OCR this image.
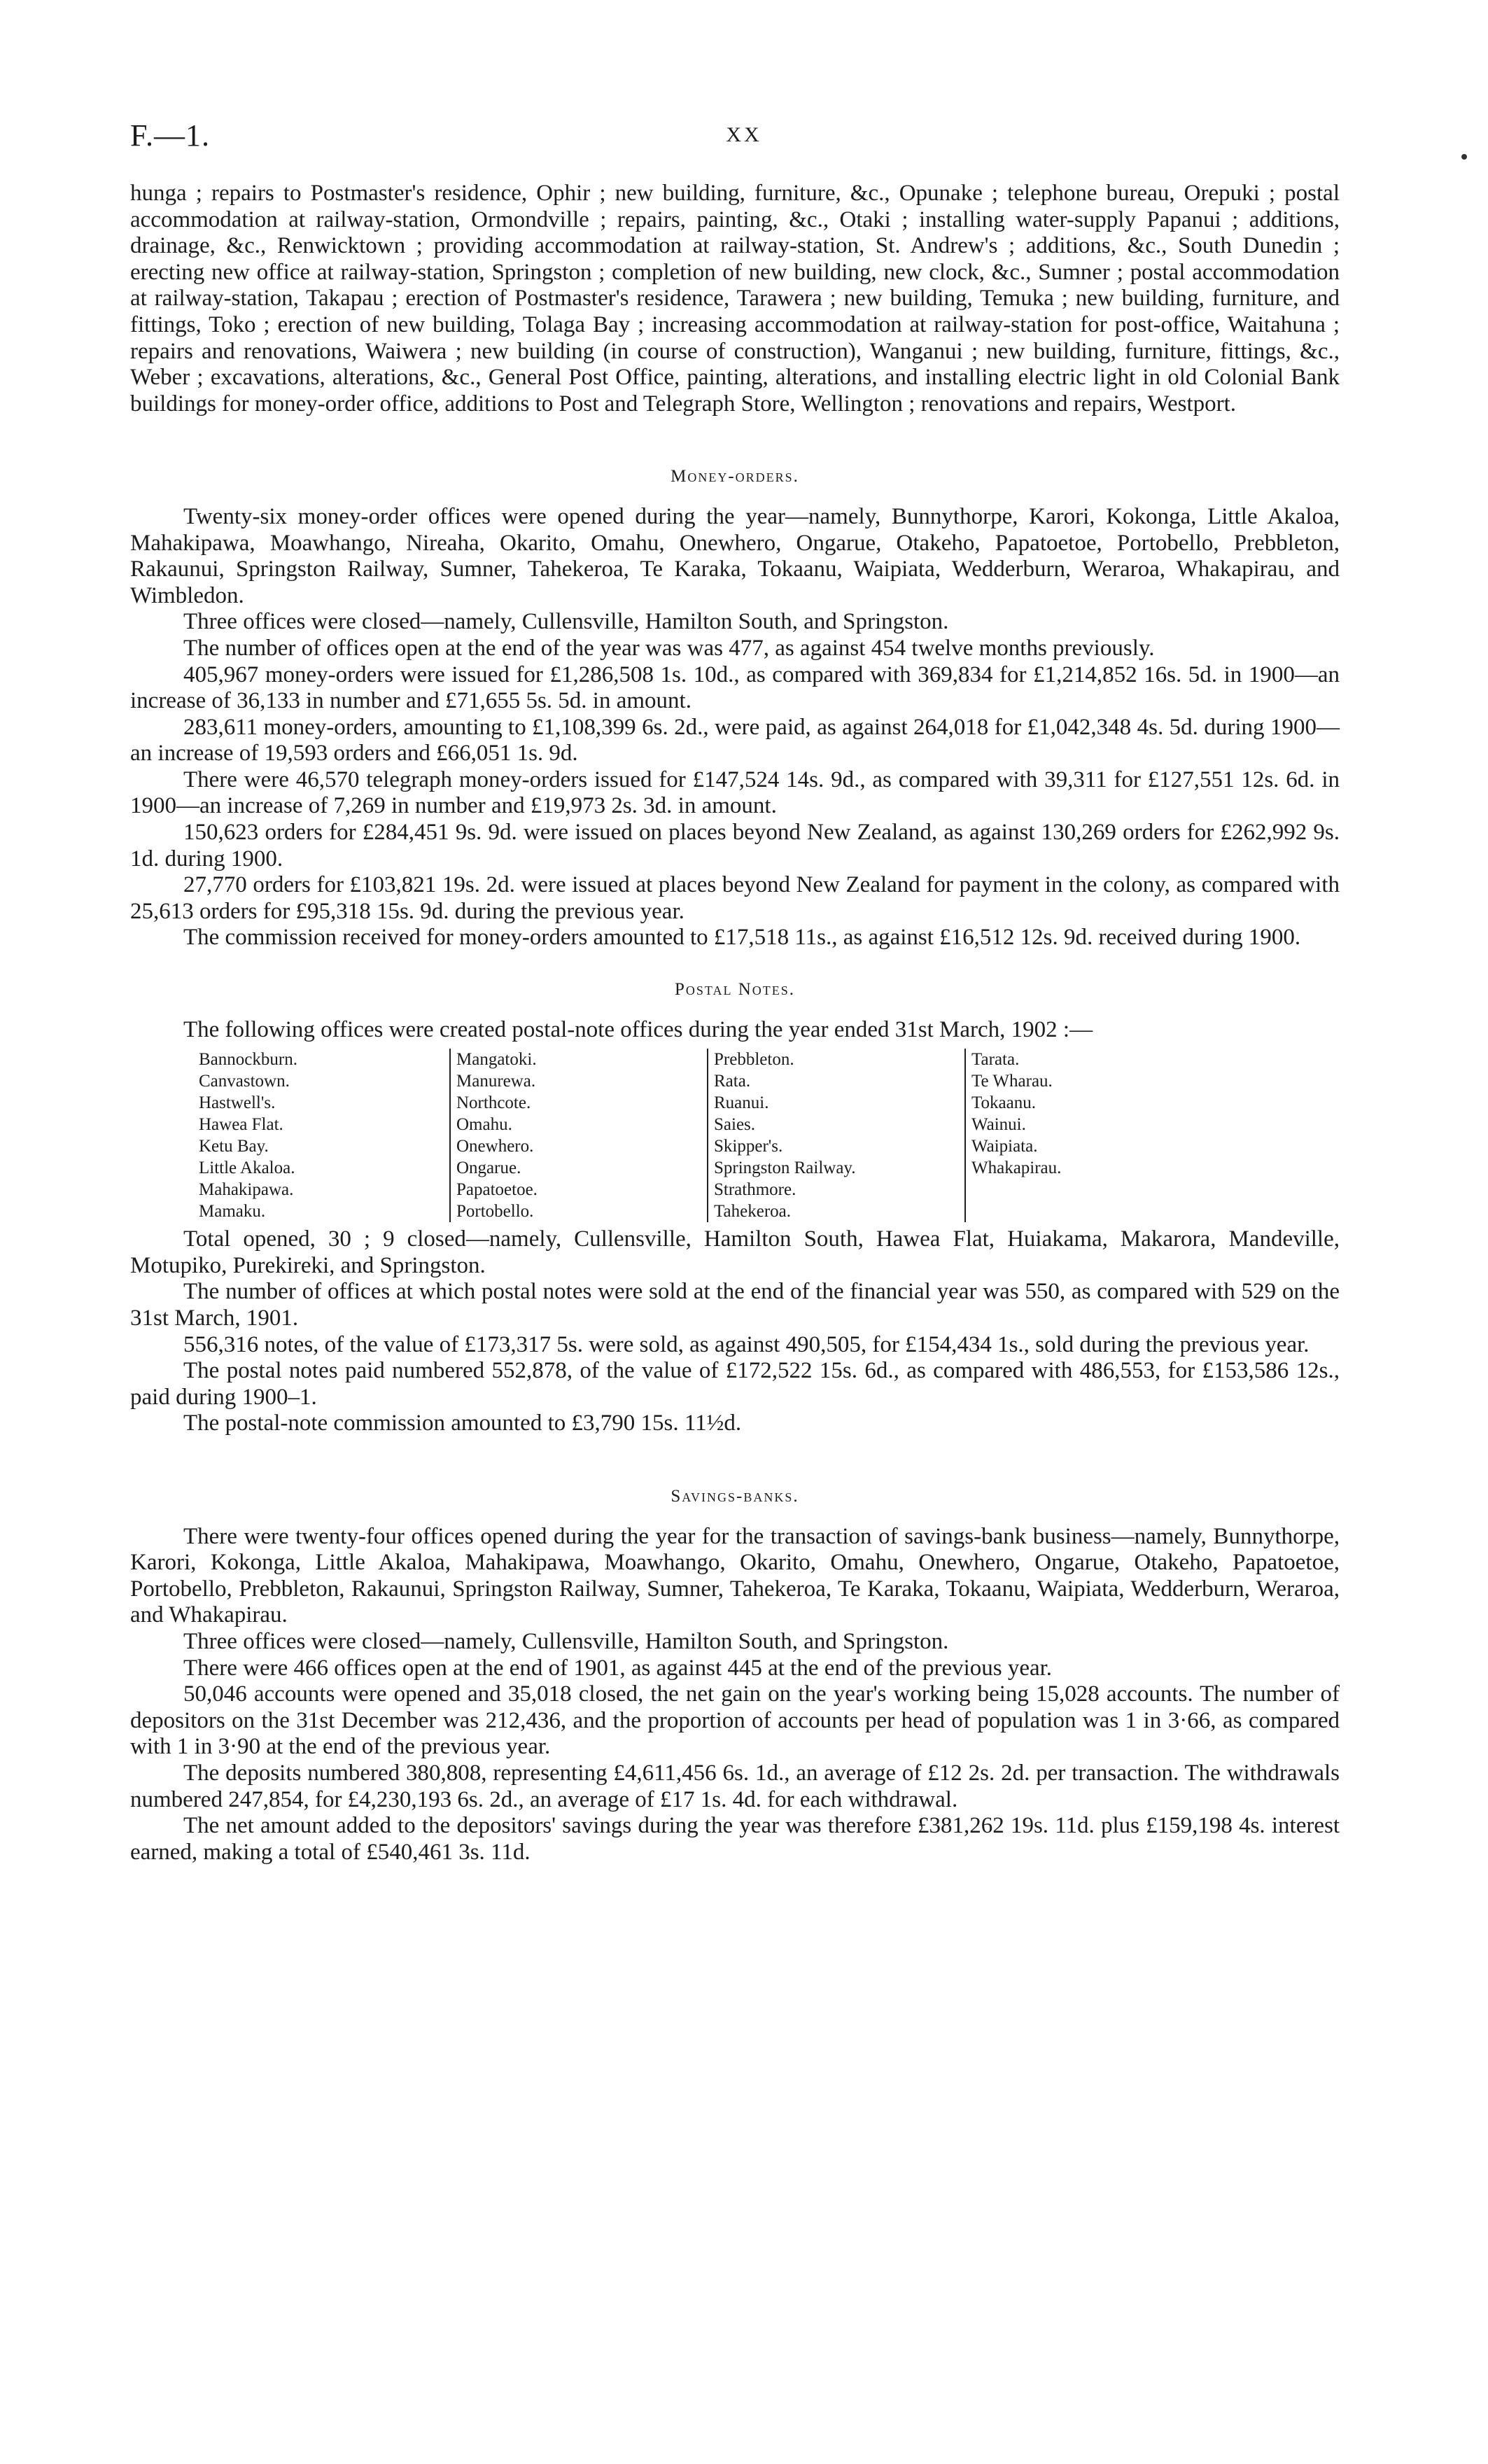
F.—1.	XX

hunga ; repairs to Postmaster's residence, Ophir ; new building, furniture, &c., Opunake ; telephone bureau, Orepuki ; postal accommodation at railway-station, Ormondville ; repairs, painting, &c., Otaki ; installing water-supply Papanui ; additions, drainage, &c., Renwicktown ; providing accommodation at railway-station, St. Andrew's ; additions, &c., South Dunedin ; erecting new office at railway-station, Springston ; completion of new building, new clock, &c., Sumner ; postal accommodation at railway-station, Takapau ; erection of Postmaster's residence, Tarawera ; new building, Temuka ; new building, furniture, and fittings, Toko ; erection of new building, Tolaga Bay ; increasing accommodation at railway-station for post-office, Waitahuna ; repairs and renovations, Waiwera ; new building (in course of construction), Wanganui ; new building, furniture, fittings, &c., Weber ; excavations, alterations, &c., General Post Office, painting, alterations, and installing electric light in old Colonial Bank buildings for money-order office, additions to Post and Telegraph Store, Wellington ; renovations and repairs, Westport.

Money-orders.

Twenty-six money-order offices were opened during the year—namely, Bunnythorpe, Karori, Kokonga, Little Akaloa, Mahakipawa, Moawhango, Nireaha, Okarito, Omahu, Onewhero, Ongarue, Otakeho, Papatoetoe, Portobello, Prebbleton, Rakaunui, Springston Railway, Sumner, Tahekeroa, Te Karaka, Tokaanu, Waipiata, Wedderburn, Weraroa, Whakapirau, and Wimbledon.

Three offices were closed—namely, Cullensville, Hamilton South, and Springston.

The number of offices open at the end of the year was was 477, as against 454 twelve months previously.

405,967 money-orders were issued for £1,286,508 1s. 10d., as compared with 369,834 for £1,214,852 16s. 5d. in 1900—an increase of 36,133 in number and £71,655 5s. 5d. in amount.

283,611 money-orders, amounting to £1,108,399 6s. 2d., were paid, as against 264,018 for £1,042,348 4s. 5d. during 1900—an increase of 19,593 orders and £66,051 1s. 9d.

There were 46,570 telegraph money-orders issued for £147,524 14s. 9d., as compared with 39,311 for £127,551 12s. 6d. in 1900—an increase of 7,269 in number and £19,973 2s. 3d. in amount.

150,623 orders for £284,451 9s. 9d. were issued on places beyond New Zealand, as against 130,269 orders for £262,992 9s. 1d. during 1900.

27,770 orders for £103,821 19s. 2d. were issued at places beyond New Zealand for payment in the colony, as compared with 25,613 orders for £95,318 15s. 9d. during the previous year.

The commission received for money-orders amounted to £17,518 11s., as against £16,512 12s. 9d. received during 1900.

Postal Notes.

The following offices were created postal-note offices during the year ended 31st March, 1902 :—

Bannockburn.
Canvastown.
Hastwell's.
Hawea Flat.
Ketu Bay.
Little Akaloa.
Mahakipawa.
Mamaku.
Mangatoki.
Manurewa.
Northcote.
Omahu.
Onewhero.
Ongarue.
Papatoetoe.
Portobello.
Prebbleton.
Rata.
Ruanui.
Saies.
Skipper's.
Springston Railway.
Strathmore.
Tahekeroa.
Tarata.
Te Wharau.
Tokaanu.
Wainui.
Waipiata.
Whakapirau.

Total opened, 30 ; 9 closed—namely, Cullensville, Hamilton South, Hawea Flat, Huiakama, Makarora, Mandeville, Motupiko, Purekireki, and Springston.

The number of offices at which postal notes were sold at the end of the financial year was 550, as compared with 529 on the 31st March, 1901.

556,316 notes, of the value of £173,317 5s. were sold, as against 490,505, for £154,434 1s., sold during the previous year.

The postal notes paid numbered 552,878, of the value of £172,522 15s. 6d., as compared with 486,553, for £153,586 12s., paid during 1900–1.

The postal-note commission amounted to £3,790 15s. 11½d.

Savings-banks.

There were twenty-four offices opened during the year for the transaction of savings-bank business—namely, Bunnythorpe, Karori, Kokonga, Little Akaloa, Mahakipawa, Moawhango, Okarito, Omahu, Onewhero, Ongarue, Otakeho, Papatoetoe, Portobello, Prebbleton, Rakaunui, Springston Railway, Sumner, Tahekeroa, Te Karaka, Tokaanu, Waipiata, Wedderburn, Weraroa, and Whakapirau.

Three offices were closed—namely, Cullensville, Hamilton South, and Springston.

There were 466 offices open at the end of 1901, as against 445 at the end of the previous year.

50,046 accounts were opened and 35,018 closed, the net gain on the year's working being 15,028 accounts. The number of depositors on the 31st December was 212,436, and the proportion of accounts per head of population was 1 in 3·66, as compared with 1 in 3·90 at the end of the previous year.

The deposits numbered 380,808, representing £4,611,456 6s. 1d., an average of £12 2s. 2d. per transaction. The withdrawals numbered 247,854, for £4,230,193 6s. 2d., an average of £17 1s. 4d. for each withdrawal.

The net amount added to the depositors' savings during the year was therefore £381,262 19s. 11d. plus £159,198 4s. interest earned, making a total of £540,461 3s. 11d.
